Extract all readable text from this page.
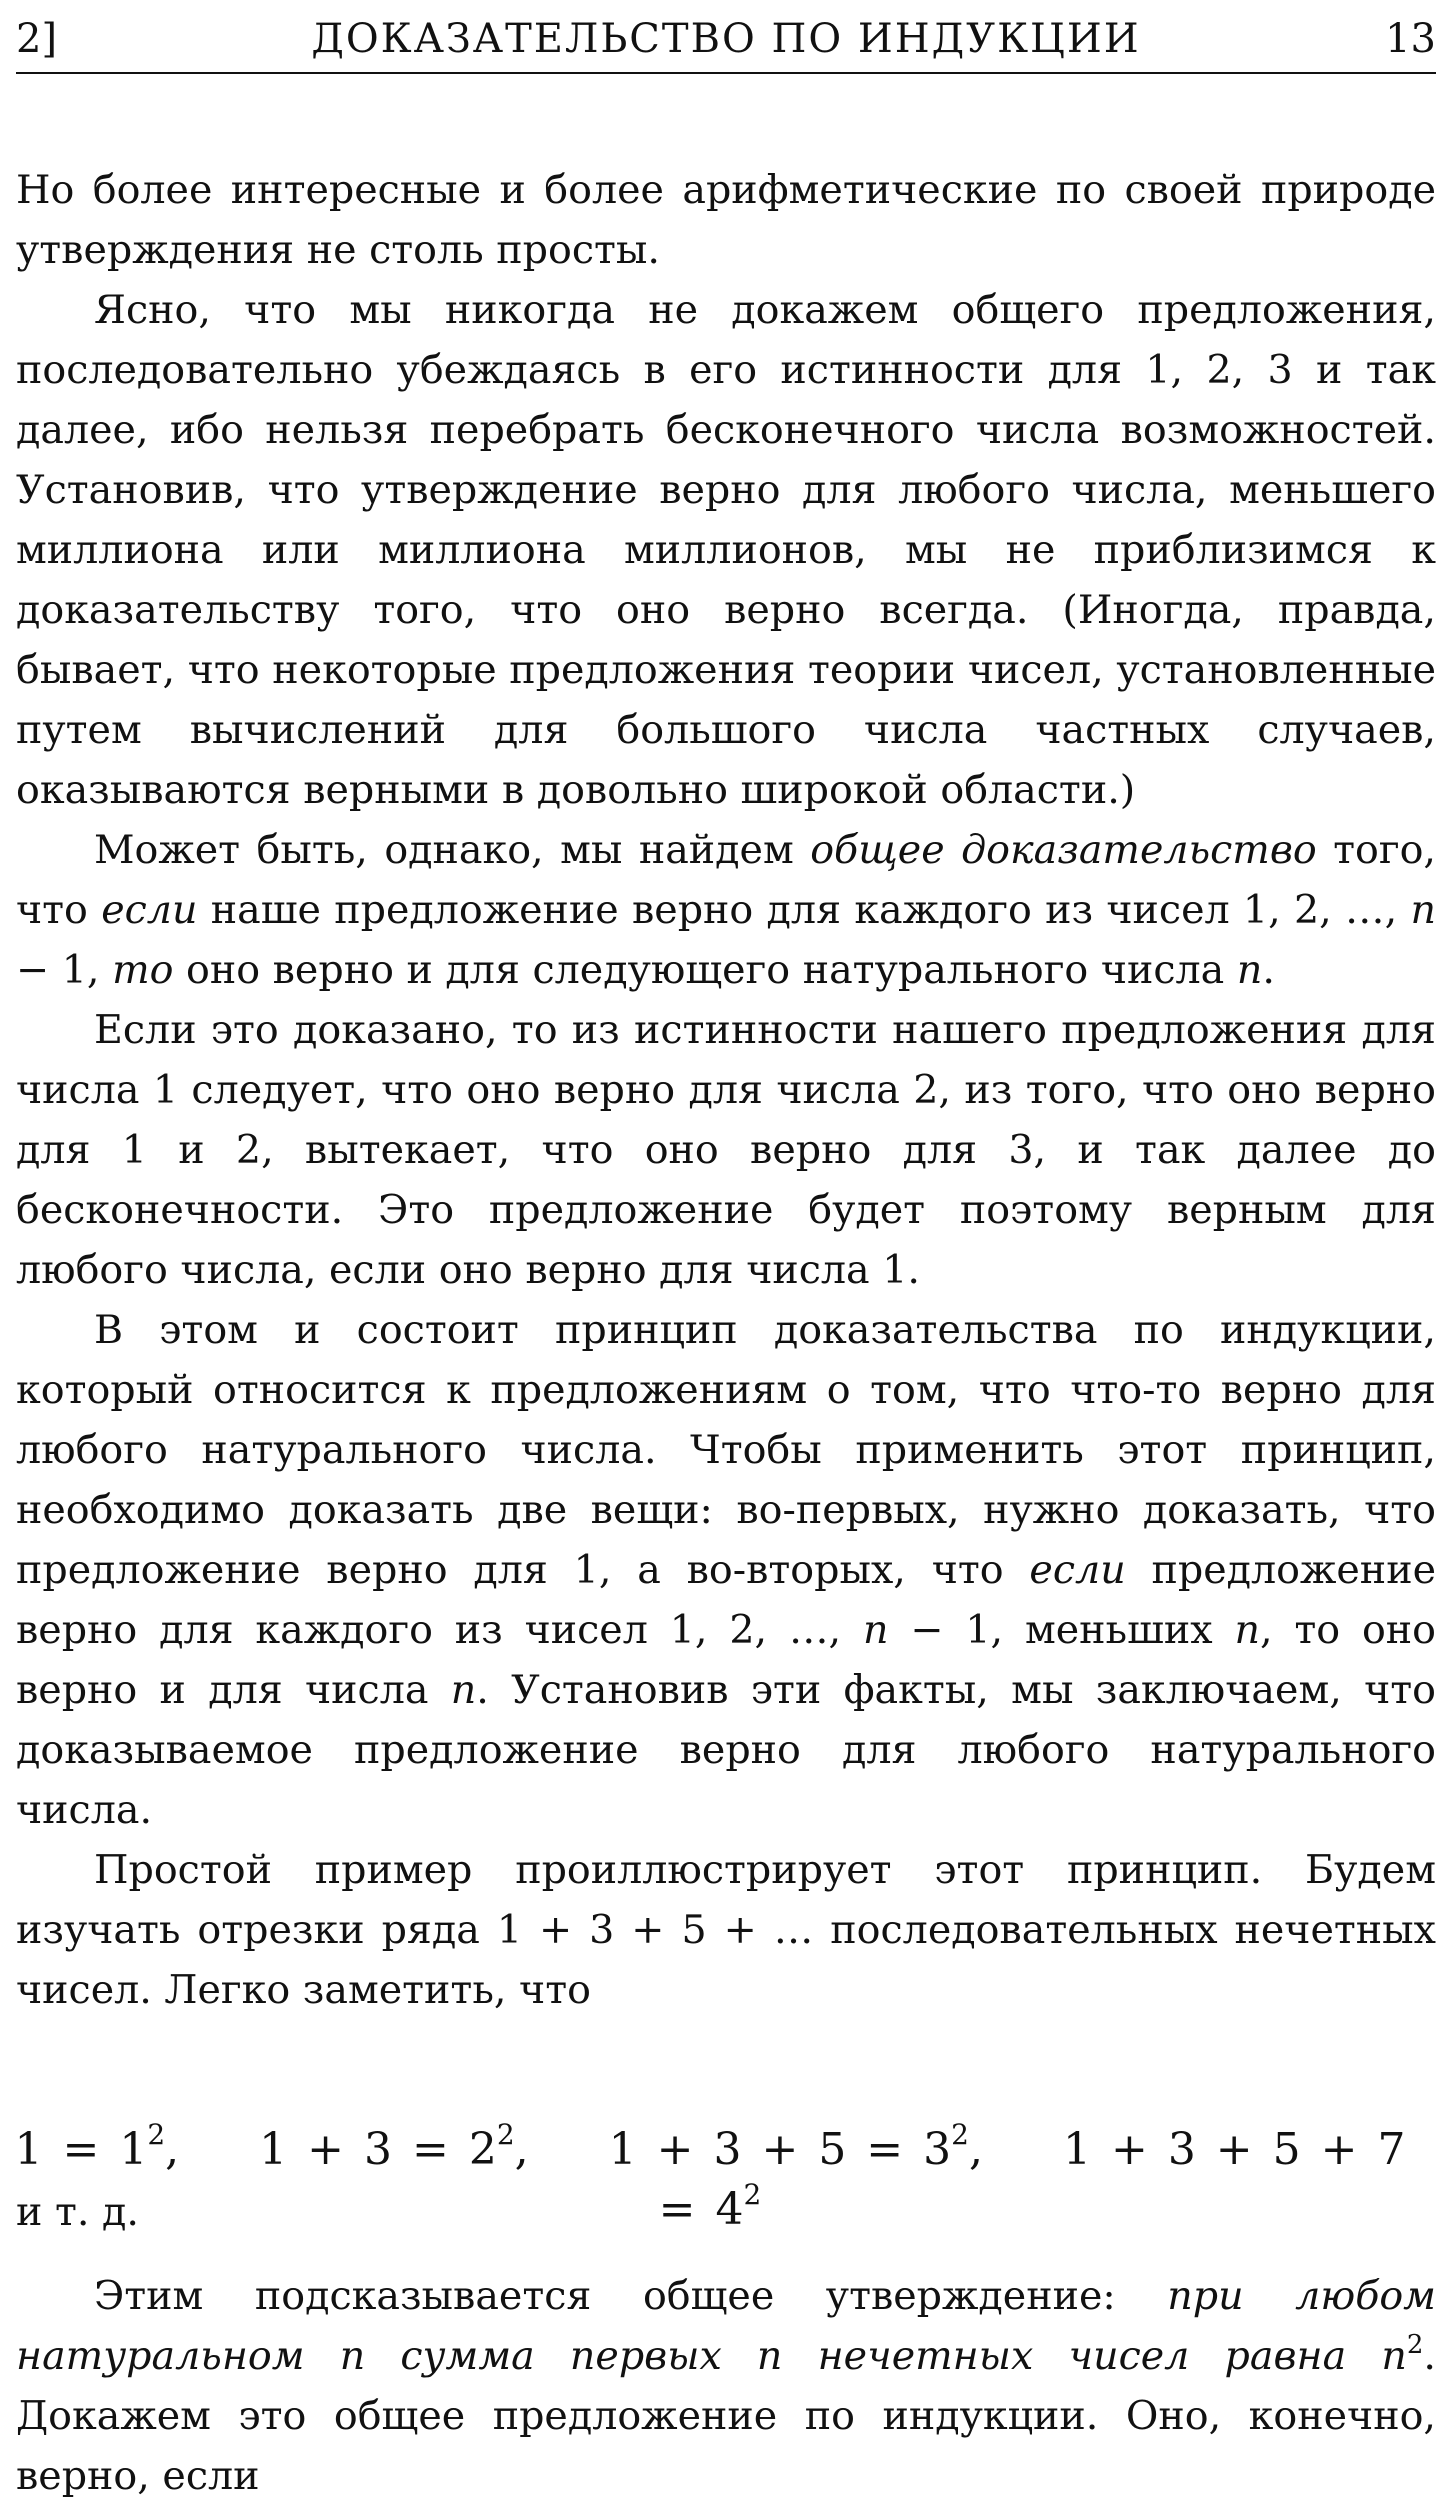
2]	ДОКАЗАТЕЛЬСТВО ПО ИНДУКЦИИ	13

Но более интересные и более арифметические по своей природе утверждения не столь просты.

Ясно, что мы никогда не докажем общего предложения, последовательно убеждаясь в его истинности для 1, 2, 3 и так далее, ибо нельзя перебрать бесконечного числа возможностей. Установив, что утверждение верно для любого числа, меньшего миллиона или миллиона миллионов, мы не приблизимся к доказательству того, что оно верно всегда. (Иногда, правда, бывает, что некоторые предложения теории чисел, установленные путем вычислений для большого числа частных случаев, оказываются верными в довольно широкой области.)

Может быть, однако, мы найдем общее доказательство того, что если наше предложение верно для каждого из чисел 1, 2, …, n − 1, то оно верно и для следующего натурального числа n.

Если это доказано, то из истинности нашего предложения для числа 1 следует, что оно верно для числа 2, из того, что оно верно для 1 и 2, вытекает, что оно верно для 3, и так далее до бесконечности. Это предложение будет поэтому верным для любого числа, если оно верно для числа 1.

В этом и состоит принцип доказательства по индукции, который относится к предложениям о том, что что-то верно для любого натурального числа. Чтобы применить этот принцип, необходимо доказать две вещи: во-первых, нужно доказать, что предложение верно для 1, а во-вторых, что если предложение верно для каждого из чисел 1, 2, …, n − 1, меньших n, то оно верно и для числа n. Установив эти факты, мы заключаем, что доказываемое предложение верно для любого натурального числа.

Простой пример проиллюстрирует этот принцип. Будем изучать отрезки ряда 1 + 3 + 5 + … последовательных нечетных чисел. Легко заметить, что

$1 = 1^2$, $1 + 3 = 2^2$, $1 + 3 + 5 = 3^2$, $1 + 3 + 5 + 7 = 4^2$
и т. д.

Этим подсказывается общее утверждение: при любом натуральном n сумма первых n нечетных чисел равна $n^2$. Докажем это общее предложение по индукции. Оно, конечно, верно, если
